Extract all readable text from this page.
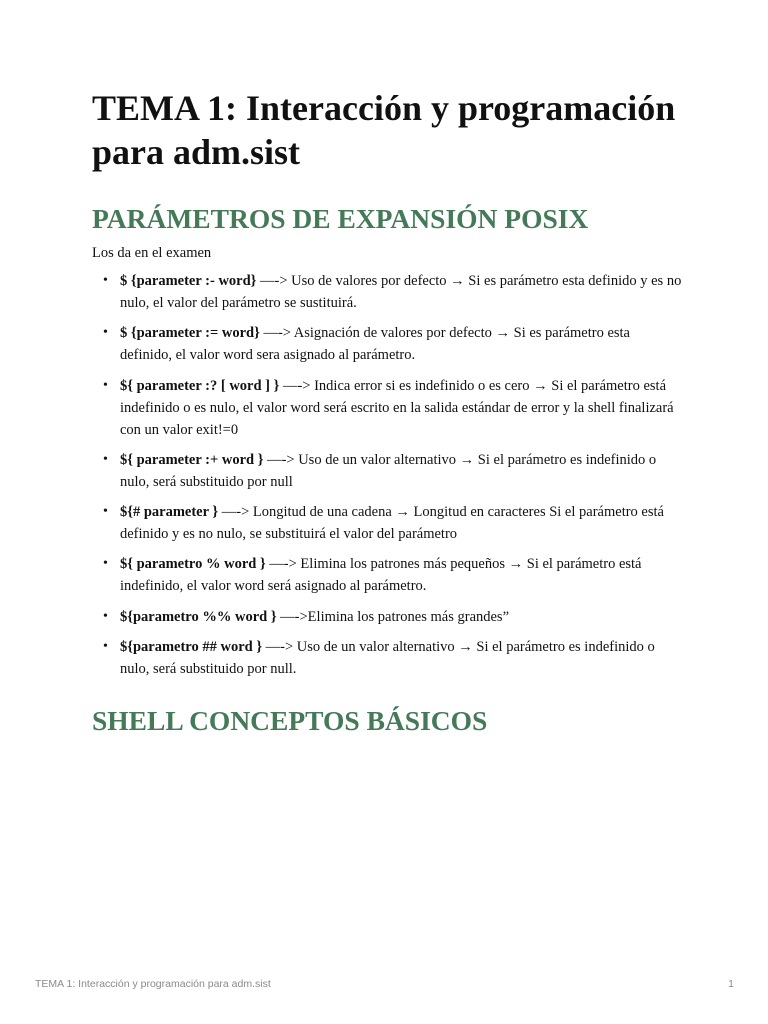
TEMA 1: Interacción y programación para adm.sist
PARÁMETROS DE EXPANSIÓN POSIX

Los da en el examen

• $ {parameter :- word} —-> Uso de valores por defecto → Si es parámetro esta definido y es no nulo, el valor del parámetro se sustituirá.
• $ {parameter := word} —-> Asignación de valores por defecto → Si es parámetro esta definido, el valor word sera asignado al parámetro.
• ${ parameter :? [ word ] } —-> Indica error si es indefinido o es cero → Si el parámetro está indefinido o es nulo, el valor word será escrito en la salida estándar de error y la shell finalizará con un valor exit!=0
• ${ parameter :+ word } —-> Uso de un valor alternativo → Si el parámetro es indefinido o nulo, será substituido por null
• ${# parameter } —-> Longitud de una cadena → Longitud en caracteres Si el parámetro está definido y es no nulo, se substituirá el valor del parámetro
• ${ parametro % word } —-> Elimina los patrones más pequeños → Si el parámetro está indefinido, el valor word será asignado al parámetro.
• ${parametro %% word } —->Elimina los patrones más grandes”
• ${parametro ## word } —-> Uso de un valor alternativo → Si el parámetro es indefinido o nulo, será substituido por null.
SHELL CONCEPTOS BÁSICOS
TEMA 1: Interacción y programación para adm.sist	1
